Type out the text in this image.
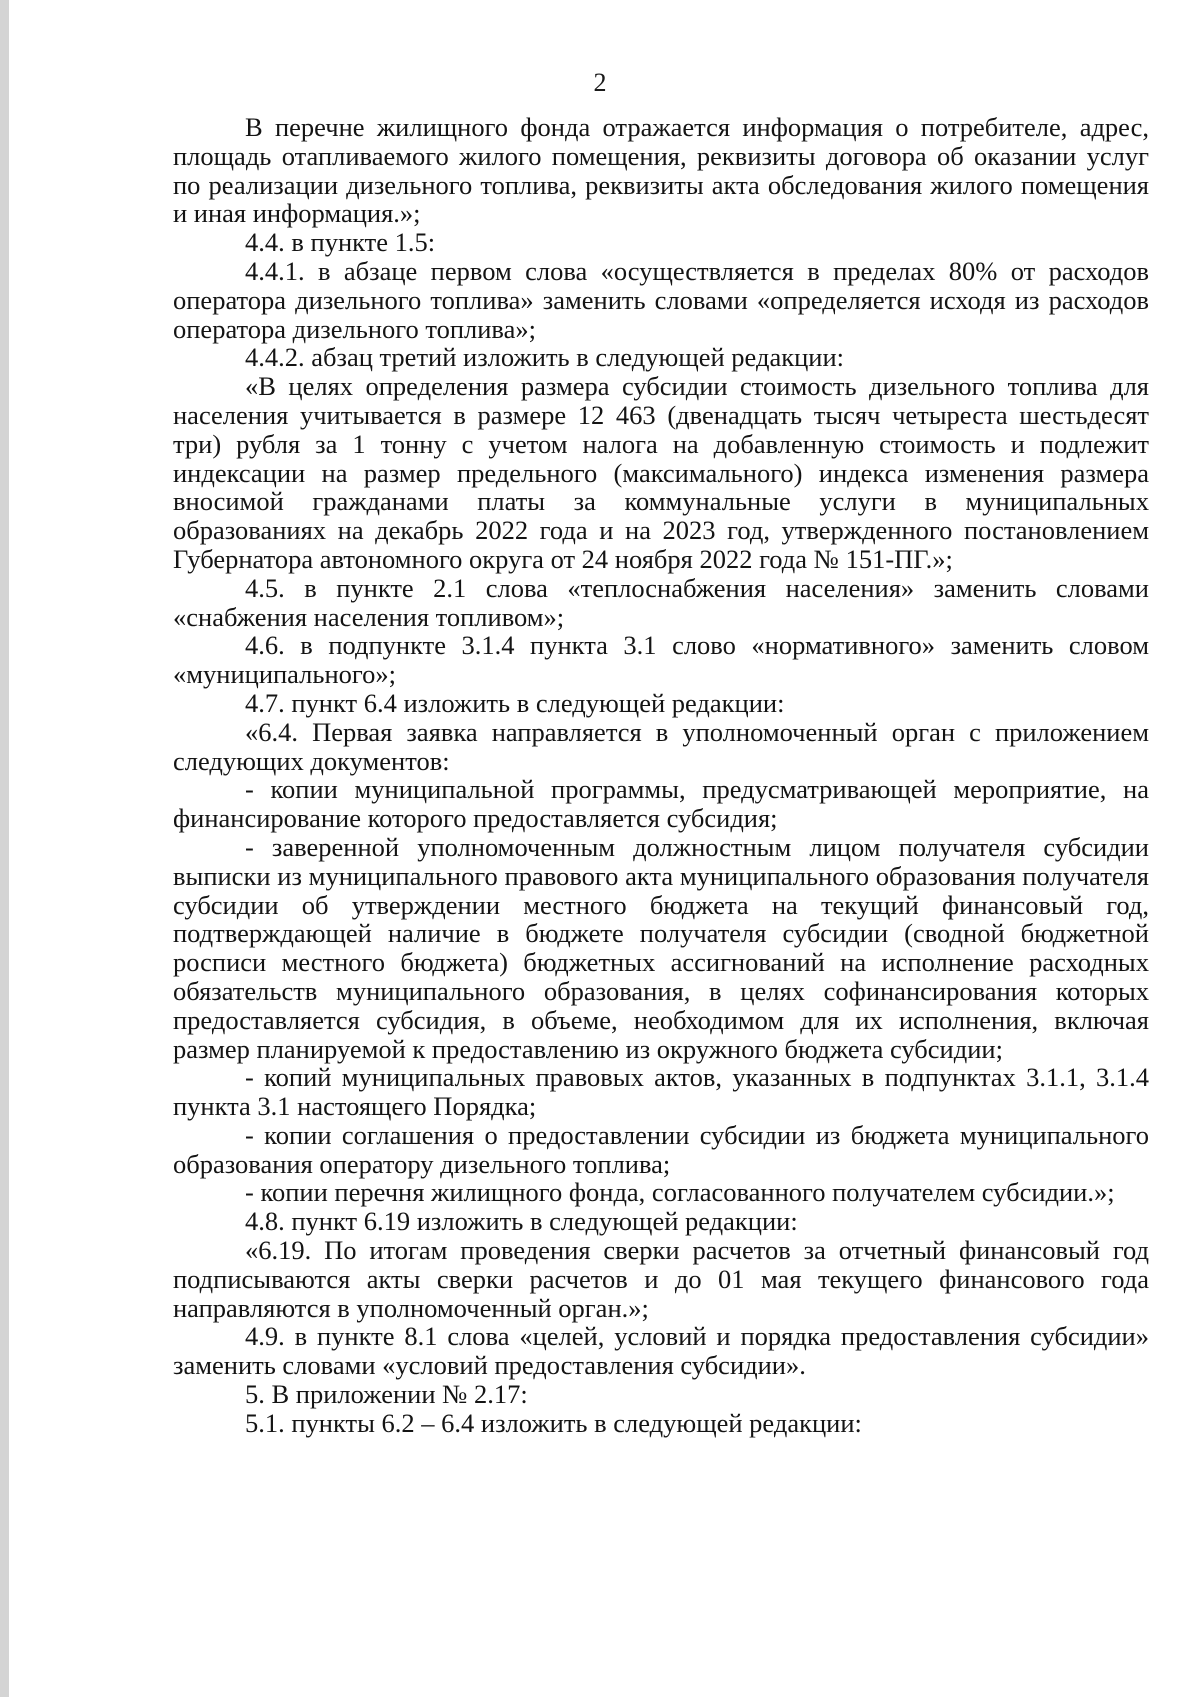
2

В перечне жилищного фонда отражается информация о потребителе, адрес, площадь отапливаемого жилого помещения, реквизиты договора об оказании услуг по реализации дизельного топлива, реквизиты акта обследования жилого помещения и иная информация.»;

4.4. в пункте 1.5:

4.4.1. в абзаце первом слова «осуществляется в пределах 80% от расходов оператора дизельного топлива» заменить словами «определяется исходя из расходов оператора дизельного топлива»;

4.4.2. абзац третий изложить в следующей редакции:

«В целях определения размера субсидии стоимость дизельного топлива для населения учитывается в размере 12 463 (двенадцать тысяч четыреста шестьдесят три) рубля за 1 тонну с учетом налога на добавленную стоимость и подлежит индексации на размер предельного (максимального) индекса изменения размера вносимой гражданами платы за коммунальные услуги в муниципальных образованиях на декабрь 2022 года и на 2023 год, утвержденного постановлением Губернатора автономного округа от 24 ноября 2022 года № 151-ПГ.»;

4.5. в пункте 2.1 слова «теплоснабжения населения» заменить словами «снабжения населения топливом»;

4.6. в подпункте 3.1.4 пункта 3.1 слово «нормативного» заменить словом «муниципального»;

4.7. пункт 6.4 изложить в следующей редакции:

«6.4. Первая заявка направляется в уполномоченный орган с приложением следующих документов:

- копии муниципальной программы, предусматривающей мероприятие, на финансирование которого предоставляется субсидия;

- заверенной уполномоченным должностным лицом получателя субсидии выписки из муниципального правового акта муниципального образования получателя субсидии об утверждении местного бюджета на текущий финансовый год, подтверждающей наличие в бюджете получателя субсидии (сводной бюджетной росписи местного бюджета) бюджетных ассигнований на исполнение расходных обязательств муниципального образования, в целях софинансирования которых предоставляется субсидия, в объеме, необходимом для их исполнения, включая размер планируемой к предоставлению из окружного бюджета субсидии;

- копий муниципальных правовых актов, указанных в подпунктах 3.1.1, 3.1.4 пункта 3.1 настоящего Порядка;

- копии соглашения о предоставлении субсидии из бюджета муниципального образования оператору дизельного топлива;

- копии перечня жилищного фонда, согласованного получателем субсидии.»;

4.8. пункт 6.19 изложить в следующей редакции:

«6.19. По итогам проведения сверки расчетов за отчетный финансовый год подписываются акты сверки расчетов и до 01 мая текущего финансового года направляются в уполномоченный орган.»;

4.9. в пункте 8.1 слова «целей, условий и порядка предоставления субсидии» заменить словами «условий предоставления субсидии».

5. В приложении № 2.17:

5.1. пункты 6.2 – 6.4 изложить в следующей редакции:
